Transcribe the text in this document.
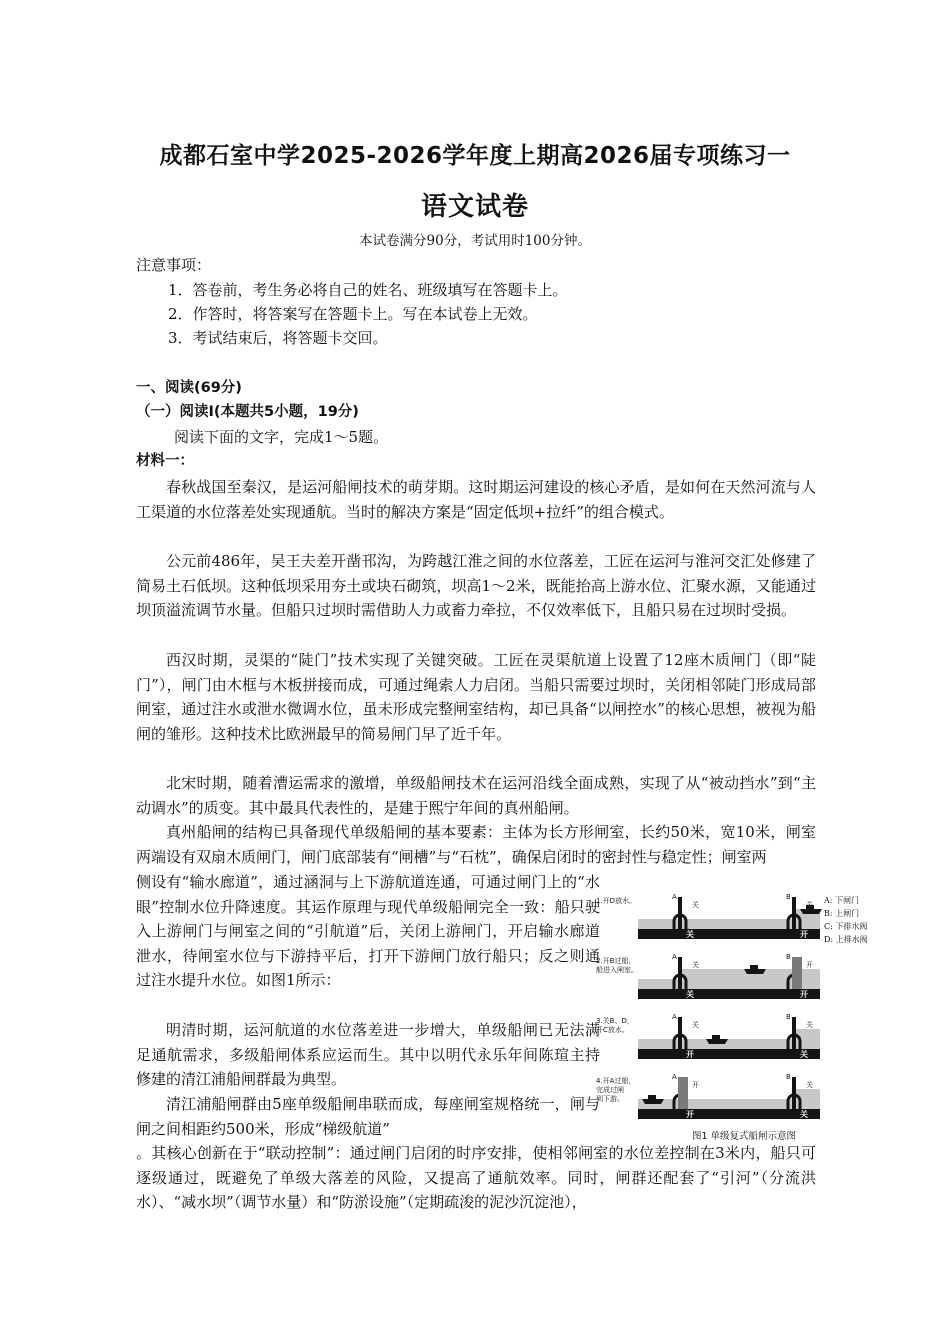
成都石室中学2025-2026学年度上期高2026届专项练习一
语文试卷
本试卷满分90分，考试用时100分钟。
注意事项：
1．答卷前，考生务必将自己的姓名、班级填写在答题卡上。
2．作答时，将答案写在答题卡上。写在本试卷上无效。
3．考试结束后，将答题卡交回。
一、阅读(69分)
（一）阅读Ⅰ(本题共5小题，19分)
阅读下面的文字，完成1～5题。
材料一：

春秋战国至秦汉，是运河船闸技术的萌芽期。这时期运河建设的核心矛盾，是如何在天然河流与人工渠道的水位落差处实现通航。当时的解决方案是“固定低坝+拉纤”的组合模式。

公元前486年，吴王夫差开凿邗沟，为跨越江淮之间的水位落差，工匠在运河与淮河交汇处修建了简易土石低坝。这种低坝采用夯土或块石砌筑，坝高1～2米，既能抬高上游水位、汇聚水源，又能通过坝顶溢流调节水量。但船只过坝时需借助人力或畜力牵拉，不仅效率低下，且船只易在过坝时受损。

西汉时期，灵渠的“陡门”技术实现了关键突破。工匠在灵渠航道上设置了12座木质闸门（即“陡门”），闸门由木框与木板拼接而成，可通过绳索人力启闭。当船只需要过坝时，关闭相邻陡门形成局部闸室，通过注水或泄水微调水位，虽未形成完整闸室结构，却已具备“以闸控水”的核心思想，被视为船闸的雏形。这种技术比欧洲最早的简易闸门早了近千年。

北宋时期，随着漕运需求的激增，单级船闸技术在运河沿线全面成熟，实现了从“被动挡水”到“主动调水”的质变。其中最具代表性的，是建于熙宁年间的真州船闸。

真州船闸的结构已具备现代单级船闸的基本要素：主体为长方形闸室，长约50米，宽10米，闸室两端设有双扇木质闸门，闸门底部装有“闸槽”与“石枕”，确保启闭时的密封性与稳定性；闸室两

侧设有“输水廊道”，通过涵洞与上下游航道连通，可通过闸门上的“水眼”控制水位升降速度。其运作原理与现代单级船闸完全一致：船只驶入上游闸门与闸室之间的“引航道”后，关闭上游闸门，开启输水廊道泄水，待闸室水位与下游持平后，打开下游闸门放行船只；反之则通过注水提升水位。如图1所示：

明清时期，运河航道的水位落差进一步增大，单级船闸已无法满足通航需求，多级船闸体系应运而生。其中以明代永乐年间陈瑄主持修建的清江浦船闸群最为典型。

清江浦船闸群由5座单级船闸串联而成，每座闸室规格统一，闸与闸之间相距约500米，形成“梯级航道”
。其核心创新在于“联动控制”：通过闸门启闭的时序安排，使相邻闸室的水位差控制在3米内，船只可逐级通过，既避免了单级大落差的风险，又提高了通航效率。同时，闸群还配套了“引河”（分流洪水）、“减水坝”（调节水量）和“防淤设施”（定期疏浚的泥沙沉淀池），

A	B
关
关	开
1.开D放水。
A	B
关	开
关	开
2.开B过船，
船进入闸室。
A	B
关	关
开	关
3.关B、D，
开C放水。
A	B
开	关
开	关
4.开A过船，
完成过闸
到下游。
图1 单级复式船闸示意图
A: 下闸门
B: 上闸门
C: 下排水阀
D: 上排水阀
